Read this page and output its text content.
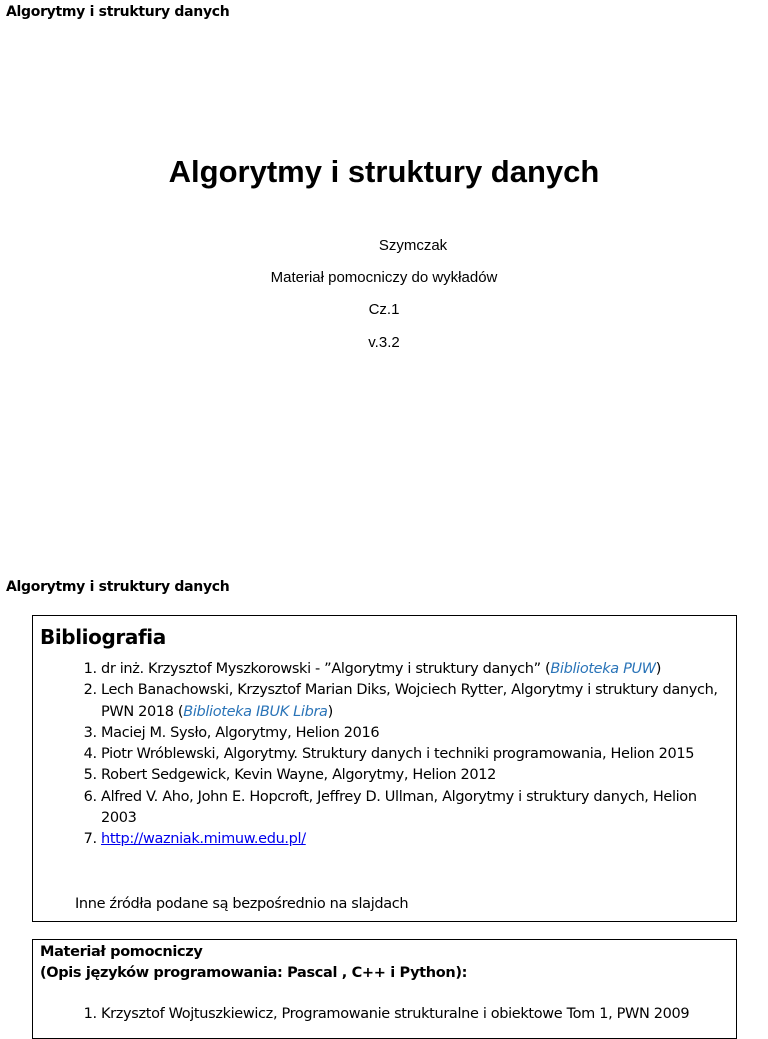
Algorytmy i struktury danych
Algorytmy i struktury danych
Szymczak
Materiał pomocniczy do wykładów
Cz.1
v.3.2
Algorytmy i struktury danych
Bibliografia
1. dr inż. Krzysztof Myszkorowski - ”Algorytmy i struktury danych” (Biblioteka PUW)
2. Lech Banachowski, Krzysztof Marian Diks, Wojciech Rytter, Algorytmy i struktury danych, PWN 2018 (Biblioteka IBUK Libra)
3. Maciej M. Sysło, Algorytmy, Helion 2016
4. Piotr Wróblewski, Algorytmy. Struktury danych i techniki programowania, Helion 2015
5. Robert Sedgewick, Kevin Wayne, Algorytmy, Helion 2012
6. Alfred V. Aho, John E. Hopcroft, Jeffrey D. Ullman, Algorytmy i struktury danych, Helion 2003
7. http://wazniak.mimuw.edu.pl/
Inne źródła podane są bezpośrednio na slajdach
Materiał pomocniczy
(Opis języków programowania: Pascal , C++ i Python):
1. Krzysztof Wojtuszkiewicz, Programowanie strukturalne i obiektowe Tom 1, PWN 2009
